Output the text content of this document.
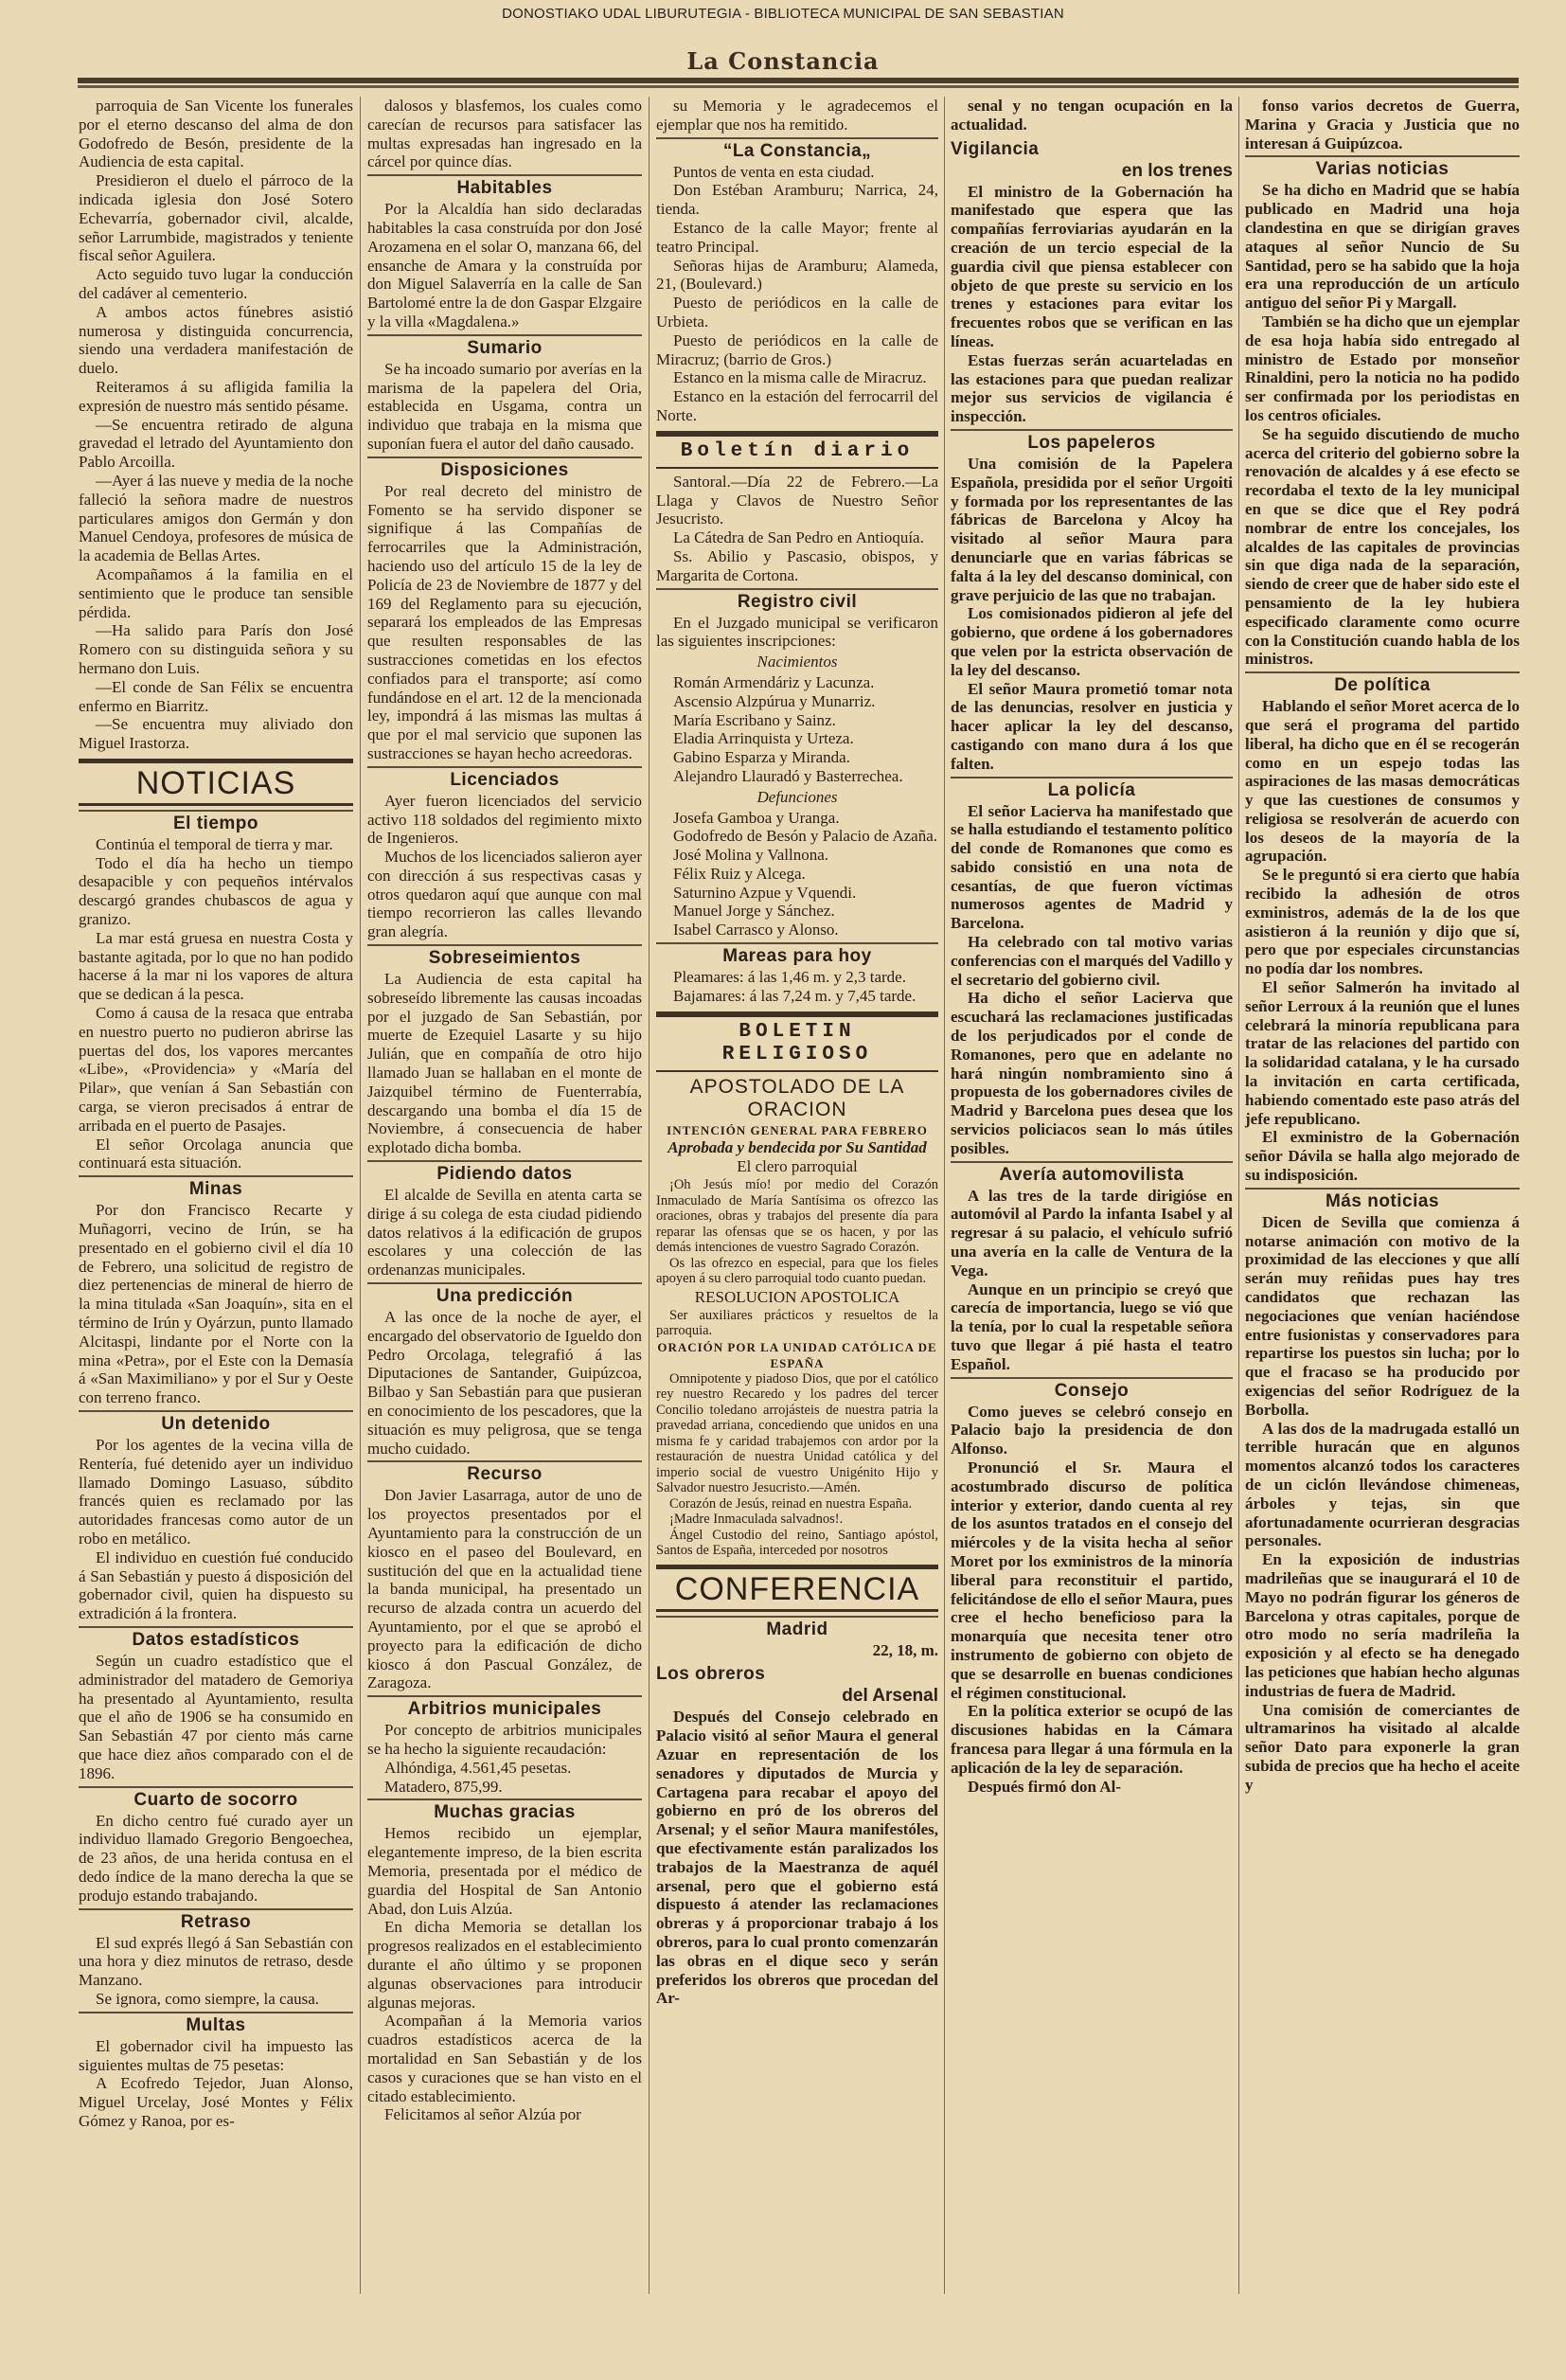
DONOSTIAKO UDAL LIBURUTEGIA - BIBLIOTECA MUNICIPAL DE SAN SEBASTIAN
La Constancia

parroquia de San Vicente los funerales por el eterno descanso del alma de don Godofredo de Besón, presidente de la Audiencia de esta capital.

Presidieron el duelo el párroco de la indicada iglesia don José Sotero Echevarría, gobernador civil, alcalde, señor Larrumbide, magistrados y teniente fiscal señor Aguilera.

Acto seguido tuvo lugar la conducción del cadáver al cementerio.

A ambos actos fúnebres asistió numerosa y distinguida concurrencia, siendo una verdadera manifestación de duelo.

Reiteramos á su afligida familia la expresión de nuestro más sentido pésame.

—Se encuentra retirado de alguna gravedad el letrado del Ayuntamiento don Pablo Arcoilla.

—Ayer á las nueve y media de la noche falleció la señora madre de nuestros particulares amigos don Germán y don Manuel Cendoya, profesores de música de la academia de Bellas Artes.

Acompañamos á la familia en el sentimiento que le produce tan sensible pérdida.

—Ha salido para París don José Romero con su distinguida señora y su hermano don Luis.

—El conde de San Félix se encuentra enfermo en Biarritz.

—Se encuentra muy aliviado don Miguel Irastorza.

NOTICIAS
El tiempo

Continúa el temporal de tierra y mar.

Todo el día ha hecho un tiempo desapacible y con pequeños intérvalos descargó grandes chubascos de agua y granizo.

La mar está gruesa en nuestra Costa y bastante agitada, por lo que no han podido hacerse á la mar ni los vapores de altura que se dedican á la pesca.

Como á causa de la resaca que entraba en nuestro puerto no pudieron abrirse las puertas del dos, los vapores mercantes «Libe», «Providencia» y «María del Pilar», que venían á San Sebastián con carga, se vieron precisados á entrar de arribada en el puerto de Pasajes.

El señor Orcolaga anuncia que continuará esta situación.

Minas

Por don Francisco Recarte y Muñagorri, vecino de Irún, se ha presentado en el gobierno civil el día 10 de Febrero, una solicitud de registro de diez pertenencias de mineral de hierro de la mina titulada «San Joaquín», sita en el término de Irún y Oyárzun, punto llamado Alcitaspi, lindante por el Norte con la mina «Petra», por el Este con la Demasía á «San Maximiliano» y por el Sur y Oeste con terreno franco.

Un detenido

Por los agentes de la vecina villa de Rentería, fué detenido ayer un individuo llamado Domingo Lasuaso, súbdito francés quien es reclamado por las autoridades francesas como autor de un robo en metálico.

El individuo en cuestión fué conducido á San Sebastián y puesto á disposición del gobernador civil, quien ha dispuesto su extradición á la frontera.

Datos estadísticos

Según un cuadro estadístico que el administrador del matadero de Gemoriya ha presentado al Ayuntamiento, resulta que el año de 1906 se ha consumido en San Sebastián 47 por ciento más carne que hace diez años comparado con el de 1896.

Cuarto de socorro

En dicho centro fué curado ayer un individuo llamado Gregorio Bengoechea, de 23 años, de una herida contusa en el dedo índice de la mano derecha la que se produjo estando trabajando.

Retraso

El sud exprés llegó á San Sebastián con una hora y diez minutos de retraso, desde Manzano.

Se ignora, como siempre, la causa.

Multas

El gobernador civil ha impuesto las siguientes multas de 75 pesetas:

A Ecofredo Tejedor, Juan Alonso, Miguel Urcelay, José Montes y Félix Gómez y Ranoa, por es-

dalosos y blasfemos, los cuales como carecían de recursos para satisfacer las multas expresadas han ingresado en la cárcel por quince días.

Habitables

Por la Alcaldía han sido declaradas habitables la casa construída por don José Arozamena en el solar O, manzana 66, del ensanche de Amara y la construída por don Miguel Salaverría en la calle de San Bartolomé entre la de don Gaspar Elzgaire y la villa «Magdalena.»

Sumario

Se ha incoado sumario por averías en la marisma de la papelera del Oria, establecida en Usgama, contra un individuo que trabaja en la misma que suponían fuera el autor del daño causado.

Disposiciones

Por real decreto del ministro de Fomento se ha servido disponer se signifique á las Compañías de ferrocarriles que la Administración, haciendo uso del artículo 15 de la ley de Policía de 23 de Noviembre de 1877 y del 169 del Reglamento para su ejecución, separará los empleados de las Empresas que resulten responsables de las sustracciones cometidas en los efectos confiados para el transporte; así como fundándose en el art. 12 de la mencionada ley, impondrá á las mismas las multas á que por el mal servicio que suponen las sustracciones se hayan hecho acreedoras.

Licenciados

Ayer fueron licenciados del servicio activo 118 soldados del regimiento mixto de Ingenieros.

Muchos de los licenciados salieron ayer con dirección á sus respectivas casas y otros quedaron aquí que aunque con mal tiempo recorrieron las calles llevando gran alegría.

Sobreseimientos

La Audiencia de esta capital ha sobreseído libremente las causas incoadas por el juzgado de San Sebastián, por muerte de Ezequiel Lasarte y su hijo Julián, que en compañía de otro hijo llamado Juan se hallaban en el monte de Jaizquibel término de Fuenterrabía, descargando una bomba el día 15 de Noviembre, á consecuencia de haber explotado dicha bomba.

Pidiendo datos

El alcalde de Sevilla en atenta carta se dirige á su colega de esta ciudad pidiendo datos relativos á la edificación de grupos escolares y una colección de las ordenanzas municipales.

Una predicción

A las once de la noche de ayer, el encargado del observatorio de Igueldo don Pedro Orcolaga, telegrafió á las Diputaciones de Santander, Guipúzcoa, Bilbao y San Sebastián para que pusieran en conocimiento de los pescadores, que la situación es muy peligrosa, que se tenga mucho cuidado.

Recurso

Don Javier Lasarraga, autor de uno de los proyectos presentados por el Ayuntamiento para la construcción de un kiosco en el paseo del Boulevard, en sustitución del que en la actualidad tiene la banda municipal, ha presentado un recurso de alzada contra un acuerdo del Ayuntamiento, por el que se aprobó el proyecto para la edificación de dicho kiosco á don Pascual González, de Zaragoza.

Arbitrios municipales

Por concepto de arbitrios municipales se ha hecho la siguiente recaudación:

Alhóndiga, 4.561,45 pesetas.

Matadero, 875,99.

Muchas gracias

Hemos recibido un ejemplar, elegantemente impreso, de la bien escrita Memoria, presentada por el médico de guardia del Hospital de San Antonio Abad, don Luis Alzúa.

En dicha Memoria se detallan los progresos realizados en el establecimiento durante el año último y se proponen algunas observaciones para introducir algunas mejoras.

Acompañan á la Memoria varios cuadros estadísticos acerca de la mortalidad en San Sebastián y de los casos y curaciones que se han visto en el citado establecimiento.

Felicitamos al señor Alzúa por

su Memoria y le agradecemos el ejemplar que nos ha remitido.

“La Constancia„

Puntos de venta en esta ciudad.

Don Estéban Aramburu; Narrica, 24, tienda.

Estanco de la calle Mayor; frente al teatro Principal.

Señoras hijas de Aramburu; Alameda, 21, (Boulevard.)

Puesto de periódicos en la calle de Urbieta.

Puesto de periódicos en la calle de Miracruz; (barrio de Gros.)

Estanco en la misma calle de Miracruz.

Estanco en la estación del ferrocarril del Norte.

Boletín diario

Santoral.—Día 22 de Febrero.—La Llaga y Clavos de Nuestro Señor Jesucristo.

La Cátedra de San Pedro en Antioquía.

Ss. Abilio y Pascasio, obispos, y Margarita de Cortona.

Registro civil

En el Juzgado municipal se verificaron las siguientes inscripciones:

Nacimientos

Román Armendáriz y Lacunza.

Ascensio Alzpúrua y Munarriz.

María Escribano y Sainz.

Eladia Arrinquista y Urteza.

Gabino Esparza y Miranda.

Alejandro Llauradó y Basterrechea.

Defunciones

Josefa Gamboa y Uranga.

Godofredo de Besón y Palacio de Azaña.

José Molina y Vallnona.

Félix Ruiz y Alcega.

Saturnino Azpue y Vquendi.

Manuel Jorge y Sánchez.

Isabel Carrasco y Alonso.

Mareas para hoy

Pleamares: á las 1,46 m. y 2,3 tarde.

Bajamares: á las 7,24 m. y 7,45 tarde.

BOLETIN RELIGIOSO
APOSTOLADO DE LA ORACION
INTENCIÓN GENERAL PARA FEBRERO
Aprobada y bendecida por Su Santidad
El clero parroquial

¡Oh Jesús mío! por medio del Corazón Inmaculado de María Santísima os ofrezco las oraciones, obras y trabajos del presente día para reparar las ofensas que se os hacen, y por las demás intenciones de vuestro Sagrado Corazón.

Os las ofrezco en especial, para que los fieles apoyen á su clero parroquial todo cuanto puedan.

RESOLUCION APOSTOLICA

Ser auxiliares prácticos y resueltos de la parroquia.

ORACIÓN POR LA UNIDAD CATÓLICA DE ESPAÑA

Omnipotente y piadoso Dios, que por el católico rey nuestro Recaredo y los padres del tercer Concilio toledano arrojásteis de nuestra patria la pravedad arriana, concediendo que unidos en una misma fe y caridad trabajemos con ardor por la restauración de nuestra Unidad católica y del imperio social de vuestro Unigénito Hijo y Salvador nuestro Jesucristo.—Amén.

Corazón de Jesús, reinad en nuestra España.

¡Madre Inmaculada salvadnos!.

Ángel Custodio del reino, Santiago apóstol, Santos de España, interceded por nosotros

CONFERENCIA
Madrid
22, 18, m.
Los obreros
del Arsenal

Después del Consejo celebrado en Palacio visitó al señor Maura el general Azuar en representación de los senadores y diputados de Murcia y Cartagena para recabar el apoyo del gobierno en pró de los obreros del Arsenal; y el señor Maura manifestóles, que efectivamente están paralizados los trabajos de la Maestranza de aquél arsenal, pero que el gobierno está dispuesto á atender las reclamaciones obreras y á proporcionar trabajo á los obreros, para lo cual pronto comenzarán las obras en el dique seco y serán preferidos los obreros que procedan del Ar-

senal y no tengan ocupación en la actualidad.

Vigilancia
en los trenes

El ministro de la Gobernación ha manifestado que espera que las compañías ferroviarias ayudarán en la creación de un tercio especial de la guardia civil que piensa establecer con objeto de que preste su servicio en los trenes y estaciones para evitar los frecuentes robos que se verifican en las líneas.

Estas fuerzas serán acuarteladas en las estaciones para que puedan realizar mejor sus servicios de vigilancia é inspección.

Los papeleros

Una comisión de la Papelera Española, presidida por el señor Urgoiti y formada por los representantes de las fábricas de Barcelona y Alcoy ha visitado al señor Maura para denunciarle que en varias fábricas se falta á la ley del descanso dominical, con grave perjuicio de las que no trabajan.

Los comisionados pidieron al jefe del gobierno, que ordene á los gobernadores que velen por la estricta observación de la ley del descanso.

El señor Maura prometió tomar nota de las denuncias, resolver en justicia y hacer aplicar la ley del descanso, castigando con mano dura á los que falten.

La policía

El señor Lacierva ha manifestado que se halla estudiando el testamento político del conde de Romanones que como es sabido consistió en una nota de cesantías, de que fueron víctimas numerosos agentes de Madrid y Barcelona.

Ha celebrado con tal motivo varias conferencias con el marqués del Vadillo y el secretario del gobierno civil.

Ha dicho el señor Lacierva que escuchará las reclamaciones justificadas de los perjudicados por el conde de Romanones, pero que en adelante no hará ningún nombramiento sino á propuesta de los gobernadores civiles de Madrid y Barcelona pues desea que los servicios policiacos sean lo más útiles posibles.

Avería automovilista

A las tres de la tarde dirigióse en automóvil al Pardo la infanta Isabel y al regresar á su palacio, el vehículo sufrió una avería en la calle de Ventura de la Vega.

Aunque en un principio se creyó que carecía de importancia, luego se vió que la tenía, por lo cual la respetable señora tuvo que llegar á pié hasta el teatro Español.

Consejo

Como jueves se celebró consejo en Palacio bajo la presidencia de don Alfonso.

Pronunció el Sr. Maura el acostumbrado discurso de política interior y exterior, dando cuenta al rey de los asuntos tratados en el consejo del miércoles y de la visita hecha al señor Moret por los exministros de la minoría liberal para reconstituir el partido, felicitándose de ello el señor Maura, pues cree el hecho beneficioso para la monarquía que necesita tener otro instrumento de gobierno con objeto de que se desarrolle en buenas condiciones el régimen constitucional.

En la política exterior se ocupó de las discusiones habidas en la Cámara francesa para llegar á una fórmula en la aplicación de la ley de separación.

Después firmó don Al-

fonso varios decretos de Guerra, Marina y Gracia y Justicia que no interesan á Guipúzcoa.

Varias noticias

Se ha dicho en Madrid que se había publicado en Madrid una hoja clandestina en que se dirigían graves ataques al señor Nuncio de Su Santidad, pero se ha sabido que la hoja era una reproducción de un artículo antiguo del señor Pi y Margall.

También se ha dicho que un ejemplar de esa hoja había sido entregado al ministro de Estado por monseñor Rinaldini, pero la noticia no ha podido ser confirmada por los periodistas en los centros oficiales.

Se ha seguido discutiendo de mucho acerca del criterio del gobierno sobre la renovación de alcaldes y á ese efecto se recordaba el texto de la ley municipal en que se dice que el Rey podrá nombrar de entre los concejales, los alcaldes de las capitales de provincias sin que diga nada de la separación, siendo de creer que de haber sido este el pensamiento de la ley hubiera especificado claramente como ocurre con la Constitución cuando habla de los ministros.

De política

Hablando el señor Moret acerca de lo que será el programa del partido liberal, ha dicho que en él se recogerán como en un espejo todas las aspiraciones de las masas democráticas y que las cuestiones de consumos y religiosa se resolverán de acuerdo con los deseos de la mayoría de la agrupación.

Se le preguntó si era cierto que había recibido la adhesión de otros exministros, además de la de los que asistieron á la reunión y dijo que sí, pero que por especiales circunstancias no podía dar los nombres.

El señor Salmerón ha invitado al señor Lerroux á la reunión que el lunes celebrará la minoría republicana para tratar de las relaciones del partido con la solidaridad catalana, y le ha cursado la invitación en carta certificada, habiendo comentado este paso atrás del jefe republicano.

El exministro de la Gobernación señor Dávila se halla algo mejorado de su indisposición.

Más noticias

Dicen de Sevilla que comienza á notarse animación con motivo de la proximidad de las elecciones y que allí serán muy reñidas pues hay tres candidatos que rechazan las negociaciones que venían haciéndose entre fusionistas y conservadores para repartirse los puestos sin lucha; por lo que el fracaso se ha producido por exigencias del señor Rodríguez de la Borbolla.

A las dos de la madrugada estalló un terrible huracán que en algunos momentos alcanzó todos los caracteres de un ciclón llevándose chimeneas, árboles y tejas, sin que afortunadamente ocurrieran desgracias personales.

En la exposición de industrias madrileñas que se inaugurará el 10 de Mayo no podrán figurar los géneros de Barcelona y otras capitales, porque de otro modo no sería madrileña la exposición y al efecto se ha denegado las peticiones que habían hecho algunas industrias de fuera de Madrid.

Una comisión de comerciantes de ultramarinos ha visitado al alcalde señor Dato para exponerle la gran subida de precios que ha hecho el aceite y
